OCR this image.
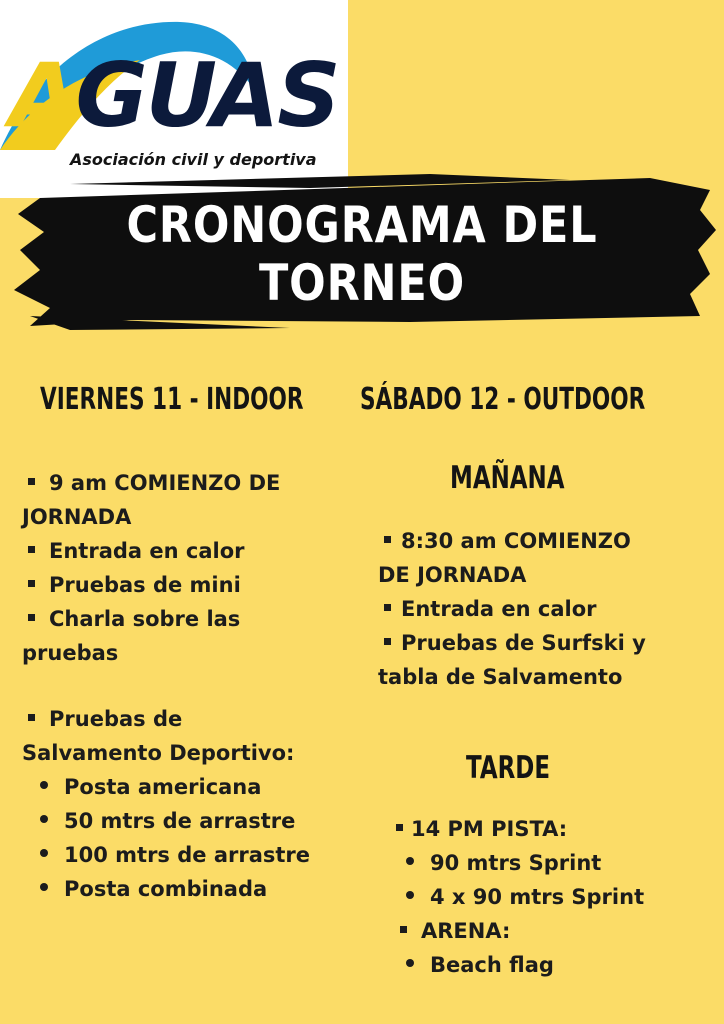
AGUAS
Asociación civil y deportiva
CRONOGRAMA DEL
TORNEO
VIERNES 11 - INDOOR SÁBADO 12 - OUTDOOR
9 am COMIENZO DE
JORNADA
Entrada en calor
Pruebas de mini
Charla sobre las
pruebas
Pruebas de
Salvamento Deportivo:
Posta americana
50 mtrs de arrastre
100 mtrs de arrastre
Posta combinada
MAÑANA
8:30 am COMIENZO
DE JORNADA
Entrada en calor
Pruebas de Surfski y
tabla de Salvamento
TARDE
14 PM PISTA:
90 mtrs Sprint
4 x 90 mtrs Sprint
ARENA:
Beach flag
